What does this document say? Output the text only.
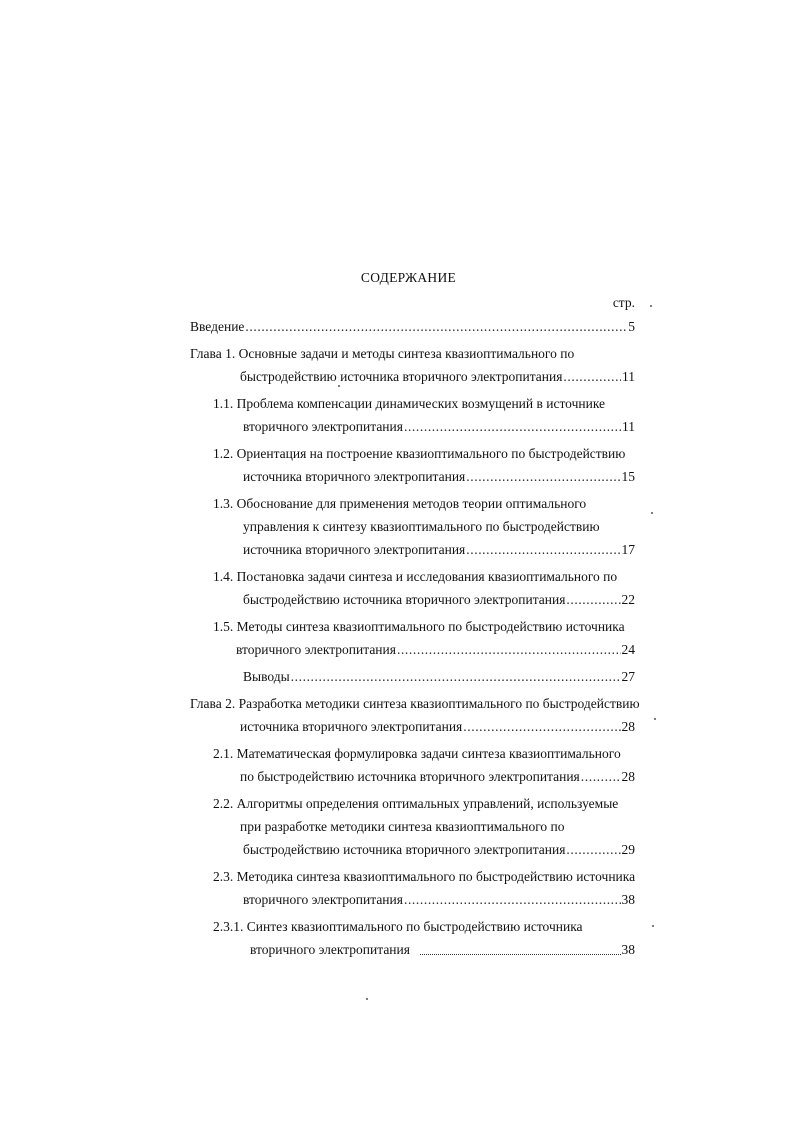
СОДЕРЖАНИЕ
стр.
Введение .....	5
Глава 1. Основные задачи и методы синтеза квазиоптимального по
быстродействию источника вторичного электропитания .....	11
1.1. Проблема компенсации динамических возмущений в источнике
вторичного электропитания .....	11
1.2. Ориентация на построение квазиоптимального по быстродействию
источника вторичного электропитания .....	15
1.3. Обоснование для применения методов теории оптимального
управления к синтезу квазиоптимального по быстродействию
источника вторичного электропитания .....	17
1.4. Постановка задачи синтеза и исследования квазиоптимального по
быстродействию источника вторичного электропитания .....	22
1.5. Методы синтеза квазиоптимального по быстродействию источника
вторичного электропитания .....	24
Выводы .....	27
Глава 2. Разработка методики синтеза квазиоптимального по быстродействию
источника вторичного электропитания .....	28
2.1. Математическая формулировка задачи синтеза квазиоптимального
по быстродействию источника вторичного электропитания .....	28
2.2. Алгоритмы определения оптимальных управлений, используемые
при разработке методики синтеза квазиоптимального по
быстродействию источника вторичного электропитания .....	29
2.3. Методика синтеза квазиоптимального по быстродействию источника
вторичного электропитания .....	38
2.3.1. Синтез квазиоптимального по быстродействию источника
вторичного электропитания	38
